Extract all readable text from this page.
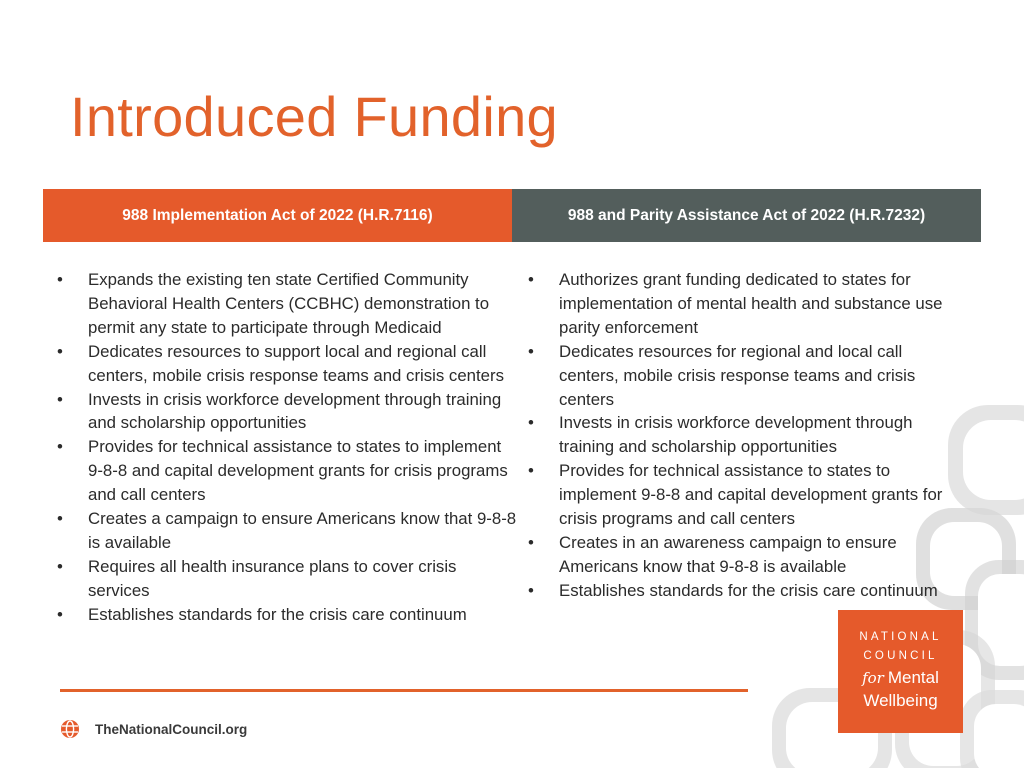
Introduced Funding
988 Implementation Act of 2022 (H.R.7116)	988 and Parity Assistance Act of 2022 (H.R.7232)
• Expands the existing ten state Certified Community Behavioral Health Centers (CCBHC) demonstration to permit any state to participate through Medicaid
• Dedicates resources to support local and regional call centers, mobile crisis response teams and crisis centers
• Invests in crisis workforce development through training and scholarship opportunities
• Provides for technical assistance to states to implement 9-8-8 and capital development grants for crisis programs and call centers
• Creates a campaign to ensure Americans know that 9-8-8 is available
• Requires all health insurance plans to cover crisis services
• Establishes standards for the crisis care continuum
• Authorizes grant funding dedicated to states for implementation of mental health and substance use parity enforcement
• Dedicates resources for regional and local call centers, mobile crisis response teams and crisis centers
• Invests in crisis workforce development through training and scholarship opportunities
• Provides for technical assistance to states to implement 9-8-8 and capital development grants for crisis programs and call centers
• Creates in an awareness campaign to ensure Americans know that 9-8-8 is available
• Establishes standards for the crisis care continuum
TheNationalCouncil.org
NATIONAL
COUNCIL
for Mental
Wellbeing
